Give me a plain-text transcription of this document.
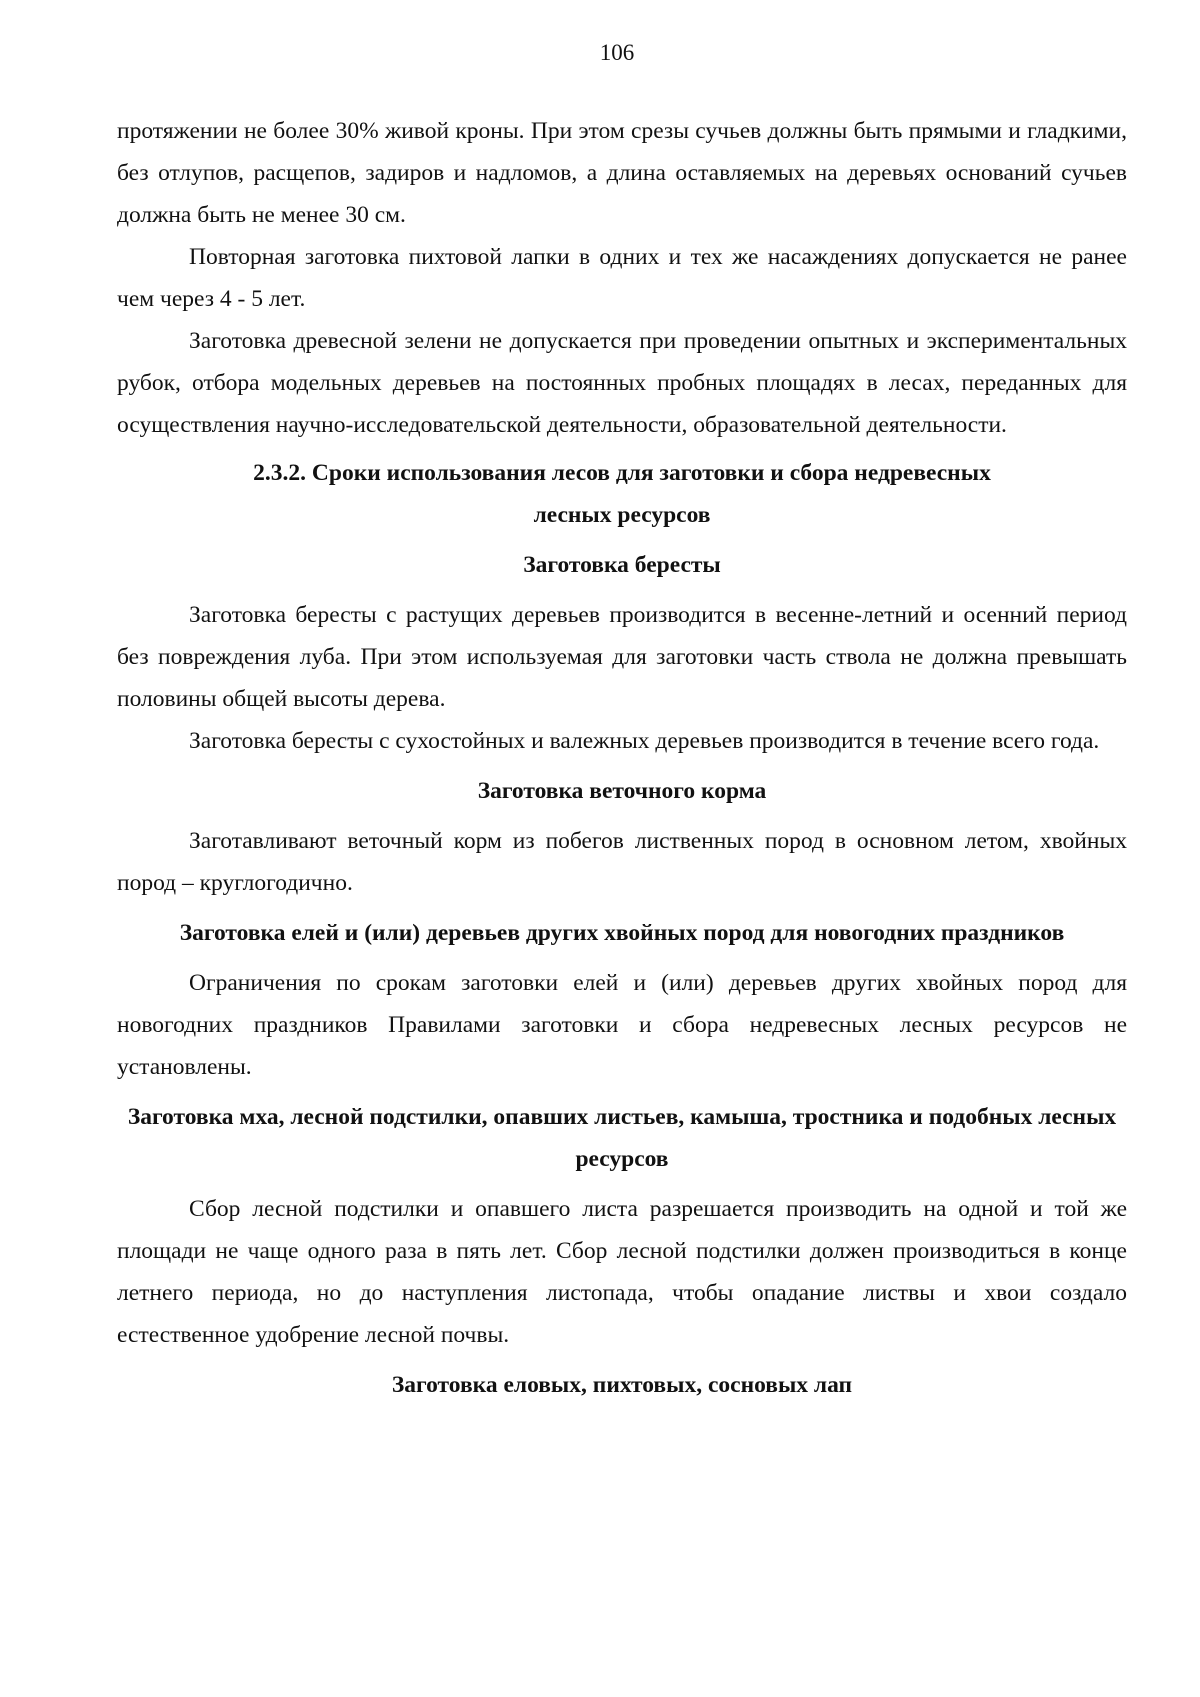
106

протяжении не более 30% живой кроны. При этом срезы сучьев должны быть прямыми и гладкими, без отлупов, расщепов, задиров и надломов, а длина оставляемых на деревьях оснований сучьев должна быть не менее 30 см.

Повторная заготовка пихтовой лапки в одних и тех же насаждениях допускается не ранее чем через 4 - 5 лет.

Заготовка древесной зелени не допускается при проведении опытных и экспериментальных рубок, отбора модельных деревьев на постоянных пробных площадях в лесах, переданных для осуществления научно-исследовательской деятельности, образовательной деятельности.

2.3.2. Сроки использования лесов для заготовки и сбора недревесных лесных ресурсов
Заготовка бересты

Заготовка бересты с растущих деревьев производится в весенне-летний и осенний период без повреждения луба. При этом используемая для заготовки часть ствола не должна превышать половины общей высоты дерева.

Заготовка бересты с сухостойных и валежных деревьев производится в течение всего года.

Заготовка веточного корма

Заготавливают веточный корм из побегов лиственных пород в основном летом, хвойных пород – круглогодично.

Заготовка елей и (или) деревьев других хвойных пород для новогодних праздников

Ограничения по срокам заготовки елей и (или) деревьев других хвойных пород для новогодних праздников Правилами заготовки и сбора недревесных лесных ресурсов не установлены.

Заготовка мха, лесной подстилки, опавших листьев, камыша, тростника и подобных лесных ресурсов

Сбор лесной подстилки и опавшего листа разрешается производить на одной и той же площади не чаще одного раза в пять лет. Сбор лесной подстилки должен производиться в конце летнего периода, но до наступления листопада, чтобы опадание листвы и хвои создало естественное удобрение лесной почвы.

Заготовка еловых, пихтовых, сосновых лап
